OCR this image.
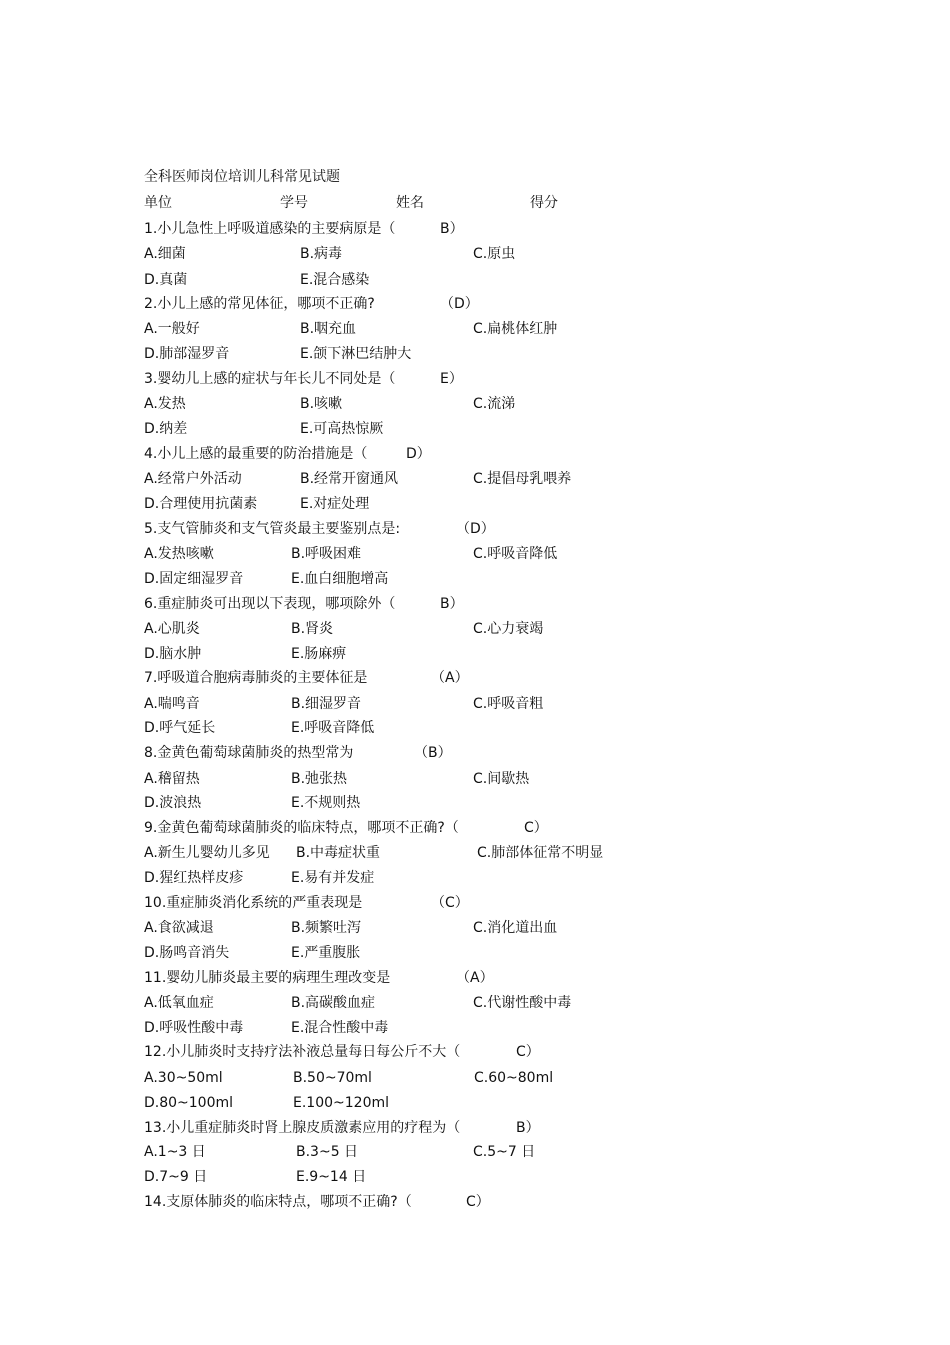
全科医师岗位培训儿科常见试题
单位	学号	姓名	得分
1.小儿急性上呼吸道感染的主要病原是（	B）
A.细菌	B.病毒	C.原虫
D.真菌	E.混合感染
2.小儿上感的常见体征，哪项不正确?	（D）
A.一般好	B.咽充血	C.扁桃体红肿
D.肺部湿罗音	E.颌下淋巴结肿大
3.婴幼儿上感的症状与年长儿不同处是（	E）
A.发热	B.咳嗽	C.流涕
D.纳差	E.可高热惊厥
4.小儿上感的最重要的防治措施是（	D）
A.经常户外活动	B.经常开窗通风	C.提倡母乳喂养
D.合理使用抗菌素	E.对症处理
5.支气管肺炎和支气管炎最主要鉴别点是:	（D）
A.发热咳嗽	B.呼吸困难	C.呼吸音降低
D.固定细湿罗音	E.血白细胞增高
6.重症肺炎可出现以下表现，哪项除外（	B）
A.心肌炎	B.肾炎	C.心力衰竭
D.脑水肿	E.肠麻痹
7.呼吸道合胞病毒肺炎的主要体征是	（A）
A.喘鸣音	B.细湿罗音	C.呼吸音粗
D.呼气延长	E.呼吸音降低
8.金黄色葡萄球菌肺炎的热型常为	（B）
A.稽留热	B.弛张热	C.间歇热
D.波浪热	E.不规则热
9.金黄色葡萄球菌肺炎的临床特点，哪项不正确?（	C）
A.新生儿婴幼儿多见 B.中毒症状重	C.肺部体征常不明显
D.猩红热样皮疹	E.易有并发症
10.重症肺炎消化系统的严重表现是	（C）
A.食欲减退	B.频繁吐泻	C.消化道出血
D.肠鸣音消失	E.严重腹胀
11.婴幼儿肺炎最主要的病理生理改变是	（A）
A.低氧血症	B.高碳酸血症	C.代谢性酸中毒
D.呼吸性酸中毒	E.混合性酸中毒
12.小儿肺炎时支持疗法补液总量每日每公斤不大（	C）
A.30~50ml	B.50~70ml	C.60~80ml
D.80~100ml	E.100~120ml
13.小儿重症肺炎时肾上腺皮质激素应用的疗程为（	B）
A.1~3 日	B.3~5 日	C.5~7 日
D.7~9 日	E.9~14 日
14.支原体肺炎的临床特点，哪项不正确?（	C）
